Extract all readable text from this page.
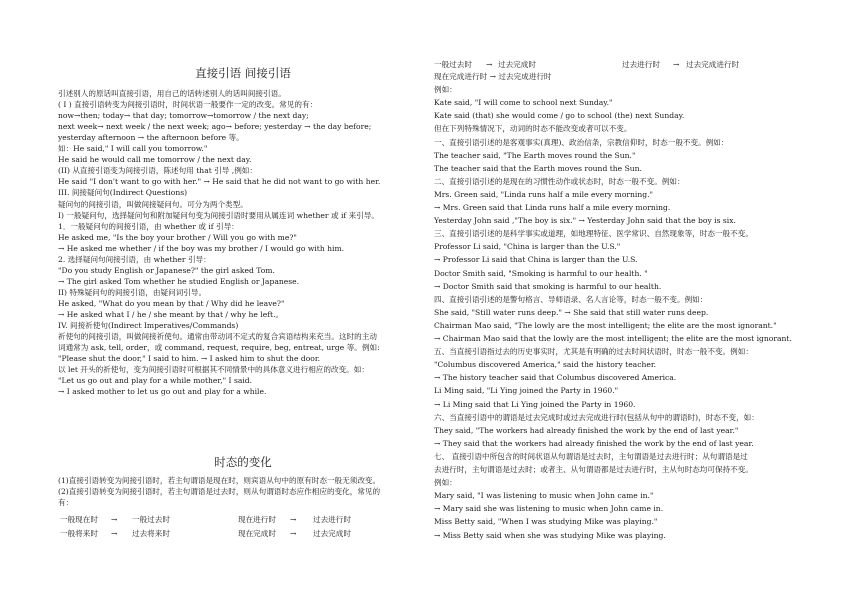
直接引语 间接引语
引述别人的原话叫直接引语，用自己的话转述别人的话叫间接引语。
( I ) 直接引语转变为间接引语时，时间状语一般要作一定的改变。常见的有：
now→then; today→ that day; tomorrow→tomorrow / the next day;
next week→ next week / the next week; ago→ before; yesterday → the day before;
yesterday afternoon → the afternoon before 等。
如：He said," I will call you tomorrow."
He said he would call me tomorrow / the next day.
(II) 从直接引语变为间接引语，陈述句用 that 引导 ,例如：
He said "I don't want to go with her." → He said that he did not want to go with her.
III. 间接疑问句(Indirect Questions)
疑问句的间接引语，叫做间接疑问句。可分为两个类型。
I) 一般疑问句，选择疑问句和附加疑问句变为间接引语时要用从属连词 whether 或 if 来引导。
1．一般疑问句的间接引语，由 whether 或 if 引导：
He asked me, "Is the boy your brother / Will you go with me?"
→ He asked me whether / if the boy was my brother / I would go with him.
2. 选择疑问句间接引语，由 whether 引导：
"Do you study English or Japanese?" the girl asked Tom.
→ The girl asked Tom whether he studied English or Japanese.
II) 特殊疑问句的间接引语，由疑问词引导。
He asked, "What do you mean by that / Why did he leave?"
→ He asked what I / he / she meant by that / why he left.。
IV. 间接祈使句(Indirect Imperatives/Commands)
祈使句的间接引语，叫做间接祈使句。通常由带动词不定式的复合宾语结构来充当。这时的主动
词通常为 ask, tell, order，或 command, request, require, beg, entreat, urge 等。例如:
"Please shut the door," I said to him. → I asked him to shut the door.
以 let 开头的祈使句，变为间接引语时可根据其不同情景中的具体意义进行相应的改变。如：
"Let us go out and play for a while mother," I said.
→ I asked mother to let us go out and play for a while.
时态的变化
(1)直接引语转变为间接引语时，若主句谓语是现在时，则宾语从句中的原有时态一般无须改变。
(2)直接引语转变为间接引语时，若主句谓语是过去时，则从句谓语时态应作相应的变化，常见的
有：
一般现在时 → 一般过去时	现在进行时 → 过去进行时
一般将来时 → 过去将来时	现在完成时 → 过去完成时
一般过去时 → 过去完成时	过去进行时 → 过去完成进行时
现在完成进行时 → 过去完成进行时
例如：
Kate said, "I will come to school next Sunday."
Kate said (that) she would come / go to school (the) next Sunday.
但在下列特殊情况下，动词的时态不能改变或者可以不变。
一、直接引语引述的是客观事实(真理)、政治信条，宗教信仰时，时态一般不变。例如：
The teacher said, "The Earth moves round the Sun."
The teacher said that the Earth moves round the Sun.
二、直接引语引述的是现在的习惯性动作或状态时，时态一般不变。例如：
Mrs. Green said, "Linda runs half a mile every morning."
→ Mrs. Green said that Linda runs half a mile every morning.
Yesterday John said ,"The boy is six." → Yesterday John said that the boy is six.
三、直接引语引述的是科学事实或道理，如地理特征、医学常识、自然现象等，时态一般不变。
Professor Li said, "China is larger than the U.S."
→ Professor Li said that China is larger than the U.S.
Doctor Smith said, "Smoking is harmful to our health. "
→ Doctor Smith said that smoking is harmful to our health.
四、直接引语引述的是警句格言、导师语录、名人言论等，时态一般不变。例如：
She said, "Still water runs deep." → She said that still water runs deep.
Chairman Mao said, "The lowly are the most intelligent; the elite are the most ignorant."
→ Chairman Mao said that the lowly are the most intelligent; the elite are the most ignorant.
五、当直接引语指过去的历史事实时，尤其是有明确的过去时间状语时，时态一般不变。例如：
"Columbus discovered America," said the history teacher.
→ The history teacher said that Columbus discovered America.
Li Ming said, "Li Ying joined the Party in 1960."
→ Li Ming said that Li Ying joined the Party in 1960.
六、当直接引语中的谓语是过去完成时或过去完成进行时(包括从句中的谓语时)，时态不变，如：
They said, "The workers had already finished the work by the end of last year."
→ They said that the workers had already finished the work by the end of last year.
七、 直接引语中所包含的时间状语从句谓语是过去时，主句谓语是过去进行时；从句谓语是过
去进行时，主句谓语是过去时；或者主、从句谓语都是过去进行时，主从句时态均可保持不变。
例如：
Mary said, "I was listening to music when John came in."
→ Mary said she was listening to music when John came in.
Miss Betty said, "When I was studying Mike was playing."
→ Miss Betty said when she was studying Mike was playing.
